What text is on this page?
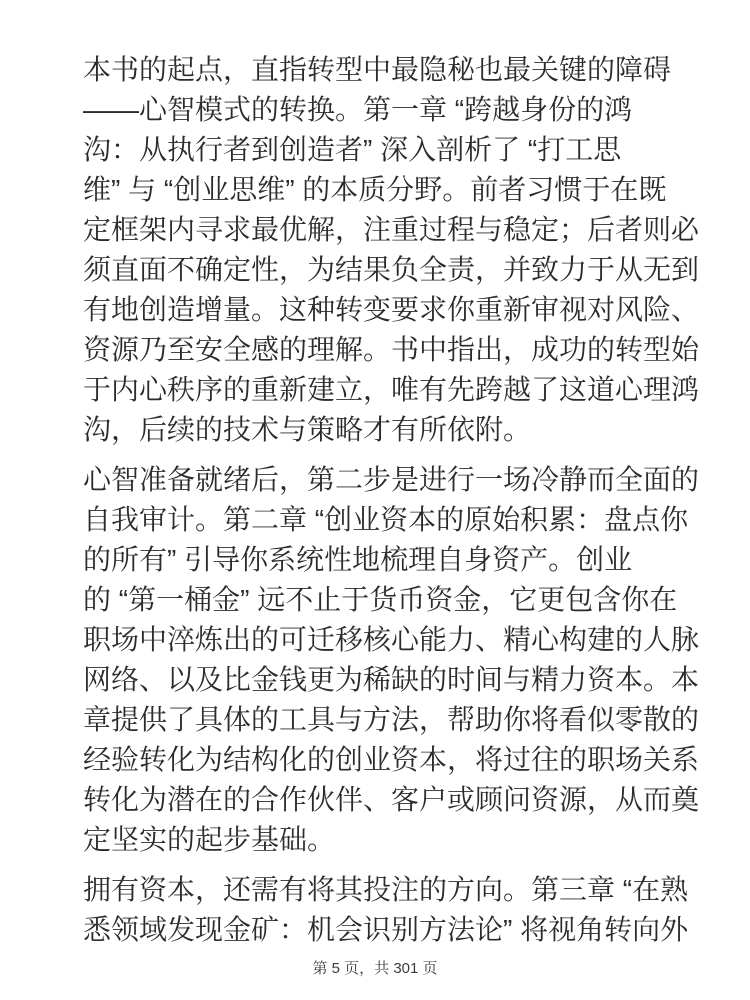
本书的起点，直指转型中最隐秘也最关键的障碍
——心智模式的转换。第一章 “跨越身份的鸿
沟：从执行者到创造者” 深入剖析了 “打工思
维” 与 “创业思维” 的本质分野。前者习惯于在既
定框架内寻求最优解，注重过程与稳定；后者则必
须直面不确定性，为结果负全责，并致力于从无到
有地创造增量。这种转变要求你重新审视对风险、
资源乃至安全感的理解。书中指出，成功的转型始
于内心秩序的重新建立，唯有先跨越了这道心理鸿
沟，后续的技术与策略才有所依附。

心智准备就绪后，第二步是进行一场冷静而全面的
自我审计。第二章 “创业资本的原始积累：盘点你
的所有” 引导你系统性地梳理自身资产。创业
的 “第一桶金” 远不止于货币资金，它更包含你在
职场中淬炼出的可迁移核心能力、精心构建的人脉
网络、以及比金钱更为稀缺的时间与精力资本。本
章提供了具体的工具与方法，帮助你将看似零散的
经验转化为结构化的创业资本，将过往的职场关系
转化为潜在的合作伙伴、客户或顾问资源，从而奠
定坚实的起步基础。

拥有资本，还需有将其投注的方向。第三章 “在熟
悉领域发现金矿：机会识别方法论” 将视角转向外

第 5 页，共 301 页
